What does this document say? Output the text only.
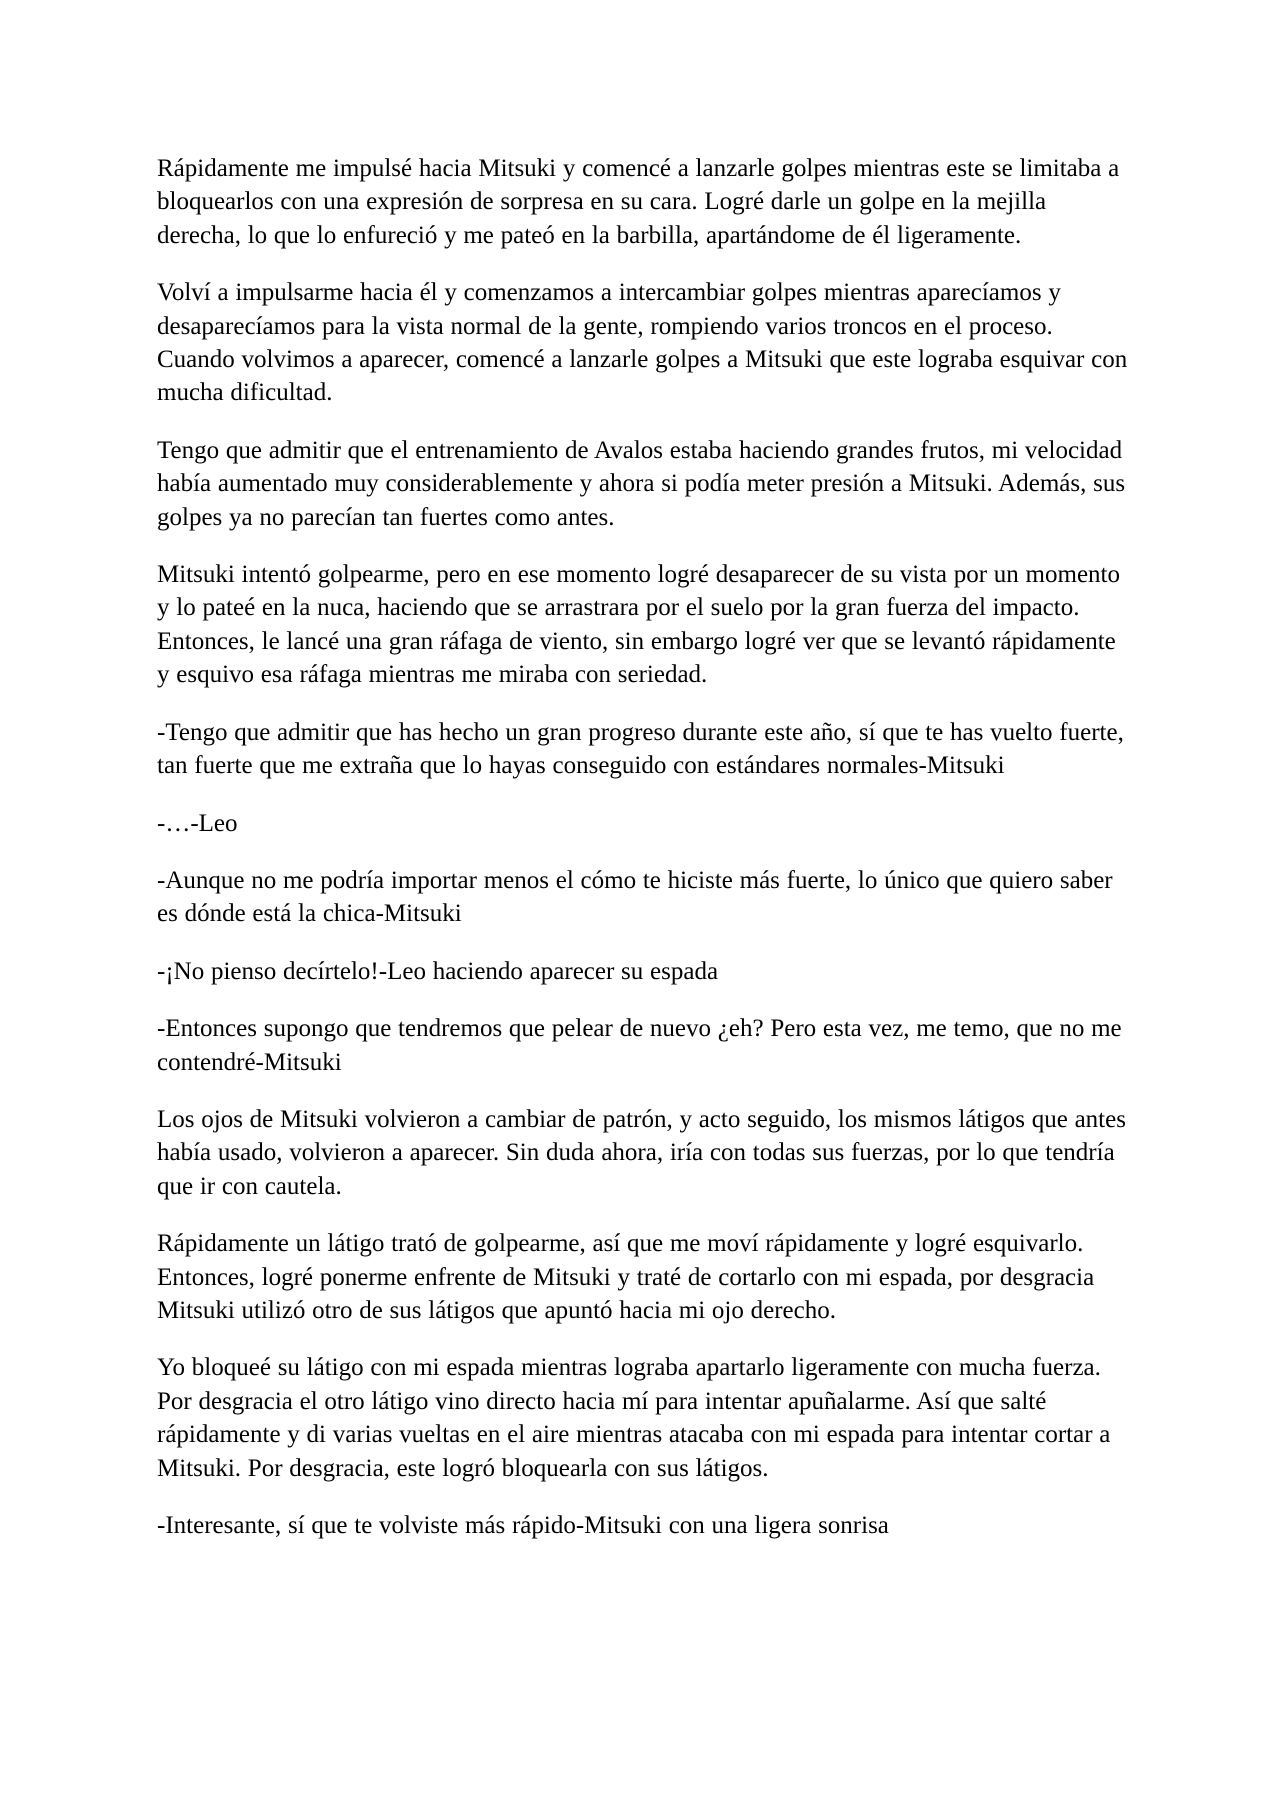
Rápidamente me impulsé hacia Mitsuki y comencé a lanzarle golpes mientras este se limitaba a bloquearlos con una expresión de sorpresa en su cara. Logré darle un golpe en la mejilla derecha, lo que lo enfureció y me pateó en la barbilla, apartándome de él ligeramente.

Volví a impulsarme hacia él y comenzamos a intercambiar golpes mientras aparecíamos y desaparecíamos para la vista normal de la gente, rompiendo varios troncos en el proceso. Cuando volvimos a aparecer, comencé a lanzarle golpes a Mitsuki que este lograba esquivar con mucha dificultad.

Tengo que admitir que el entrenamiento de Avalos estaba haciendo grandes frutos, mi velocidad había aumentado muy considerablemente y ahora si podía meter presión a Mitsuki. Además, sus golpes ya no parecían tan fuertes como antes.

Mitsuki intentó golpearme, pero en ese momento logré desaparecer de su vista por un momento y lo pateé en la nuca, haciendo que se arrastrara por el suelo por la gran fuerza del impacto. Entonces, le lancé una gran ráfaga de viento, sin embargo logré ver que se levantó rápidamente y esquivo esa ráfaga mientras me miraba con seriedad.

-Tengo que admitir que has hecho un gran progreso durante este año, sí que te has vuelto fuerte, tan fuerte que me extraña que lo hayas conseguido con estándares normales-Mitsuki

-…-Leo

-Aunque no me podría importar menos el cómo te hiciste más fuerte, lo único que quiero saber es dónde está la chica-Mitsuki

-¡No pienso decírtelo!-Leo haciendo aparecer su espada

-Entonces supongo que tendremos que pelear de nuevo ¿eh? Pero esta vez, me temo, que no me contendré-Mitsuki

Los ojos de Mitsuki volvieron a cambiar de patrón, y acto seguido, los mismos látigos que antes había usado, volvieron a aparecer. Sin duda ahora, iría con todas sus fuerzas, por lo que tendría que ir con cautela.

Rápidamente un látigo trató de golpearme, así que me moví rápidamente y logré esquivarlo. Entonces, logré ponerme enfrente de Mitsuki y traté de cortarlo con mi espada, por desgracia Mitsuki utilizó otro de sus látigos que apuntó hacia mi ojo derecho.

Yo bloqueé su látigo con mi espada mientras lograba apartarlo ligeramente con mucha fuerza. Por desgracia el otro látigo vino directo hacia mí para intentar apuñalarme. Así que salté rápidamente y di varias vueltas en el aire mientras atacaba con mi espada para intentar cortar a Mitsuki. Por desgracia, este logró bloquearla con sus látigos.

-Interesante, sí que te volviste más rápido-Mitsuki con una ligera sonrisa
